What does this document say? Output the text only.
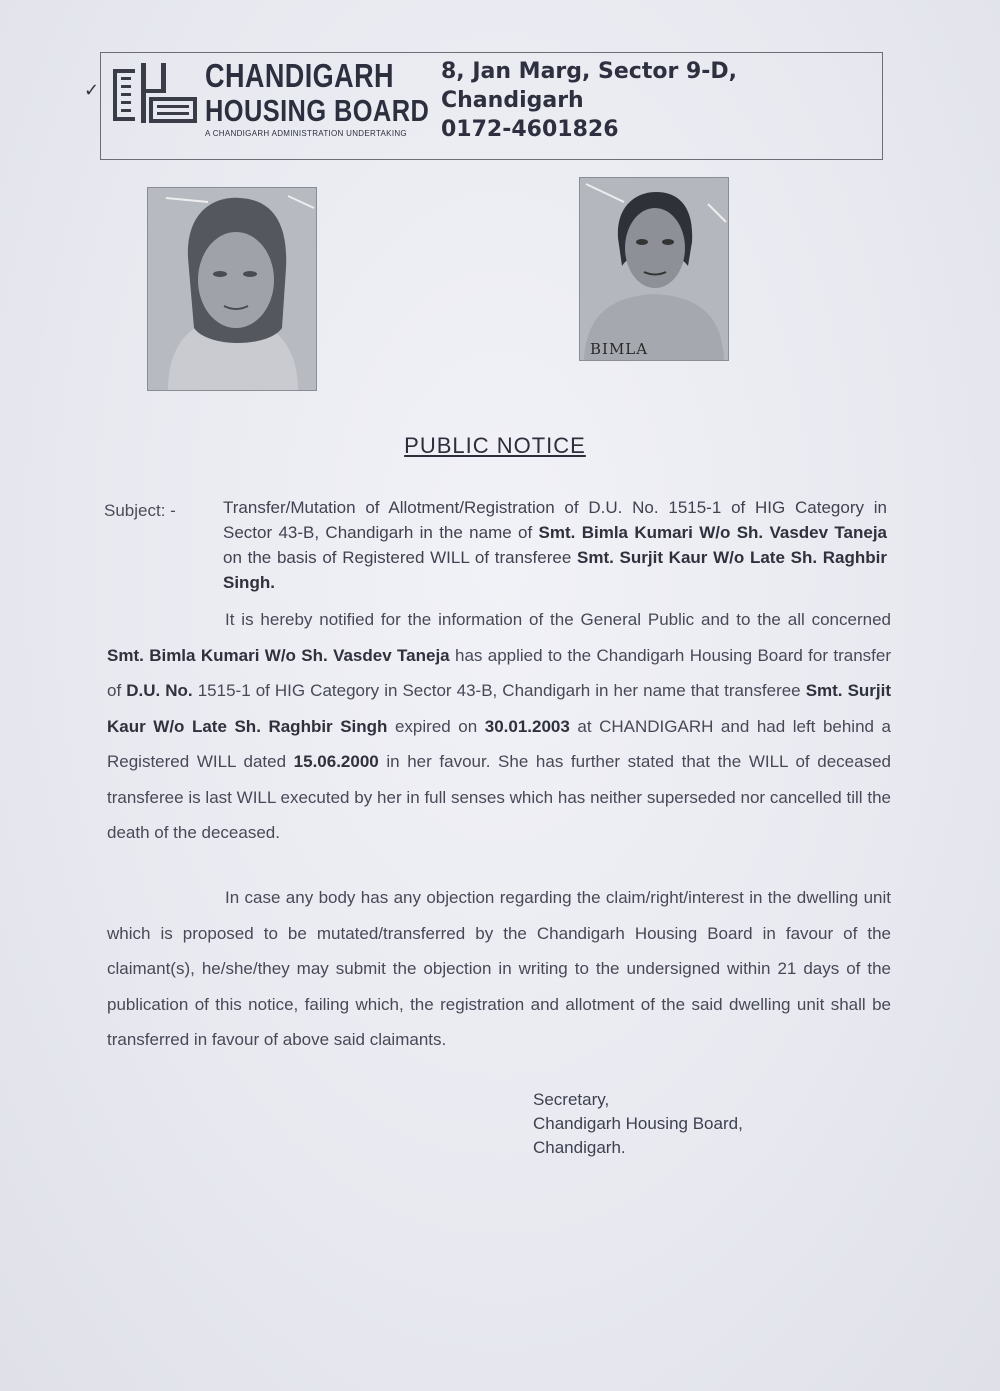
✓	CHANDIGARH
HOUSING BOARD
A CHANDIGARH ADMINISTRATION UNDERTAKING
8, Jan Marg, Sector 9-D,
Chandigarh
0172-4601826
BIMLA
PUBLIC NOTICE
Subject: -	Transfer/Mutation of Allotment/Registration of D.U. No. 1515-1 of HIG Category in Sector 43-B, Chandigarh in the name of Smt. Bimla Kumari W/o Sh. Vasdev Taneja on the basis of Registered WILL of transferee Smt. Surjit Kaur W/o Late Sh. Raghbir Singh.
It is hereby notified for the information of the General Public and to the all concerned Smt. Bimla Kumari W/o Sh. Vasdev Taneja has applied to the Chandigarh Housing Board for transfer of D.U. No. 1515-1 of HIG Category in Sector 43-B, Chandigarh in her name that transferee Smt. Surjit Kaur W/o Late Sh. Raghbir Singh expired on 30.01.2003 at CHANDIGARH and had left behind a Registered WILL dated 15.06.2000 in her favour. She has further stated that the WILL of deceased transferee is last WILL executed by her in full senses which has neither superseded nor cancelled till the death of the deceased.
In case any body has any objection regarding the claim/right/interest in the dwelling unit which is proposed to be mutated/transferred by the Chandigarh Housing Board in favour of the claimant(s), he/she/they may submit the objection in writing to the undersigned within 21 days of the publication of this notice, failing which, the registration and allotment of the said dwelling unit shall be transferred in favour of above said claimants.
Secretary,
Chandigarh Housing Board,
Chandigarh.
